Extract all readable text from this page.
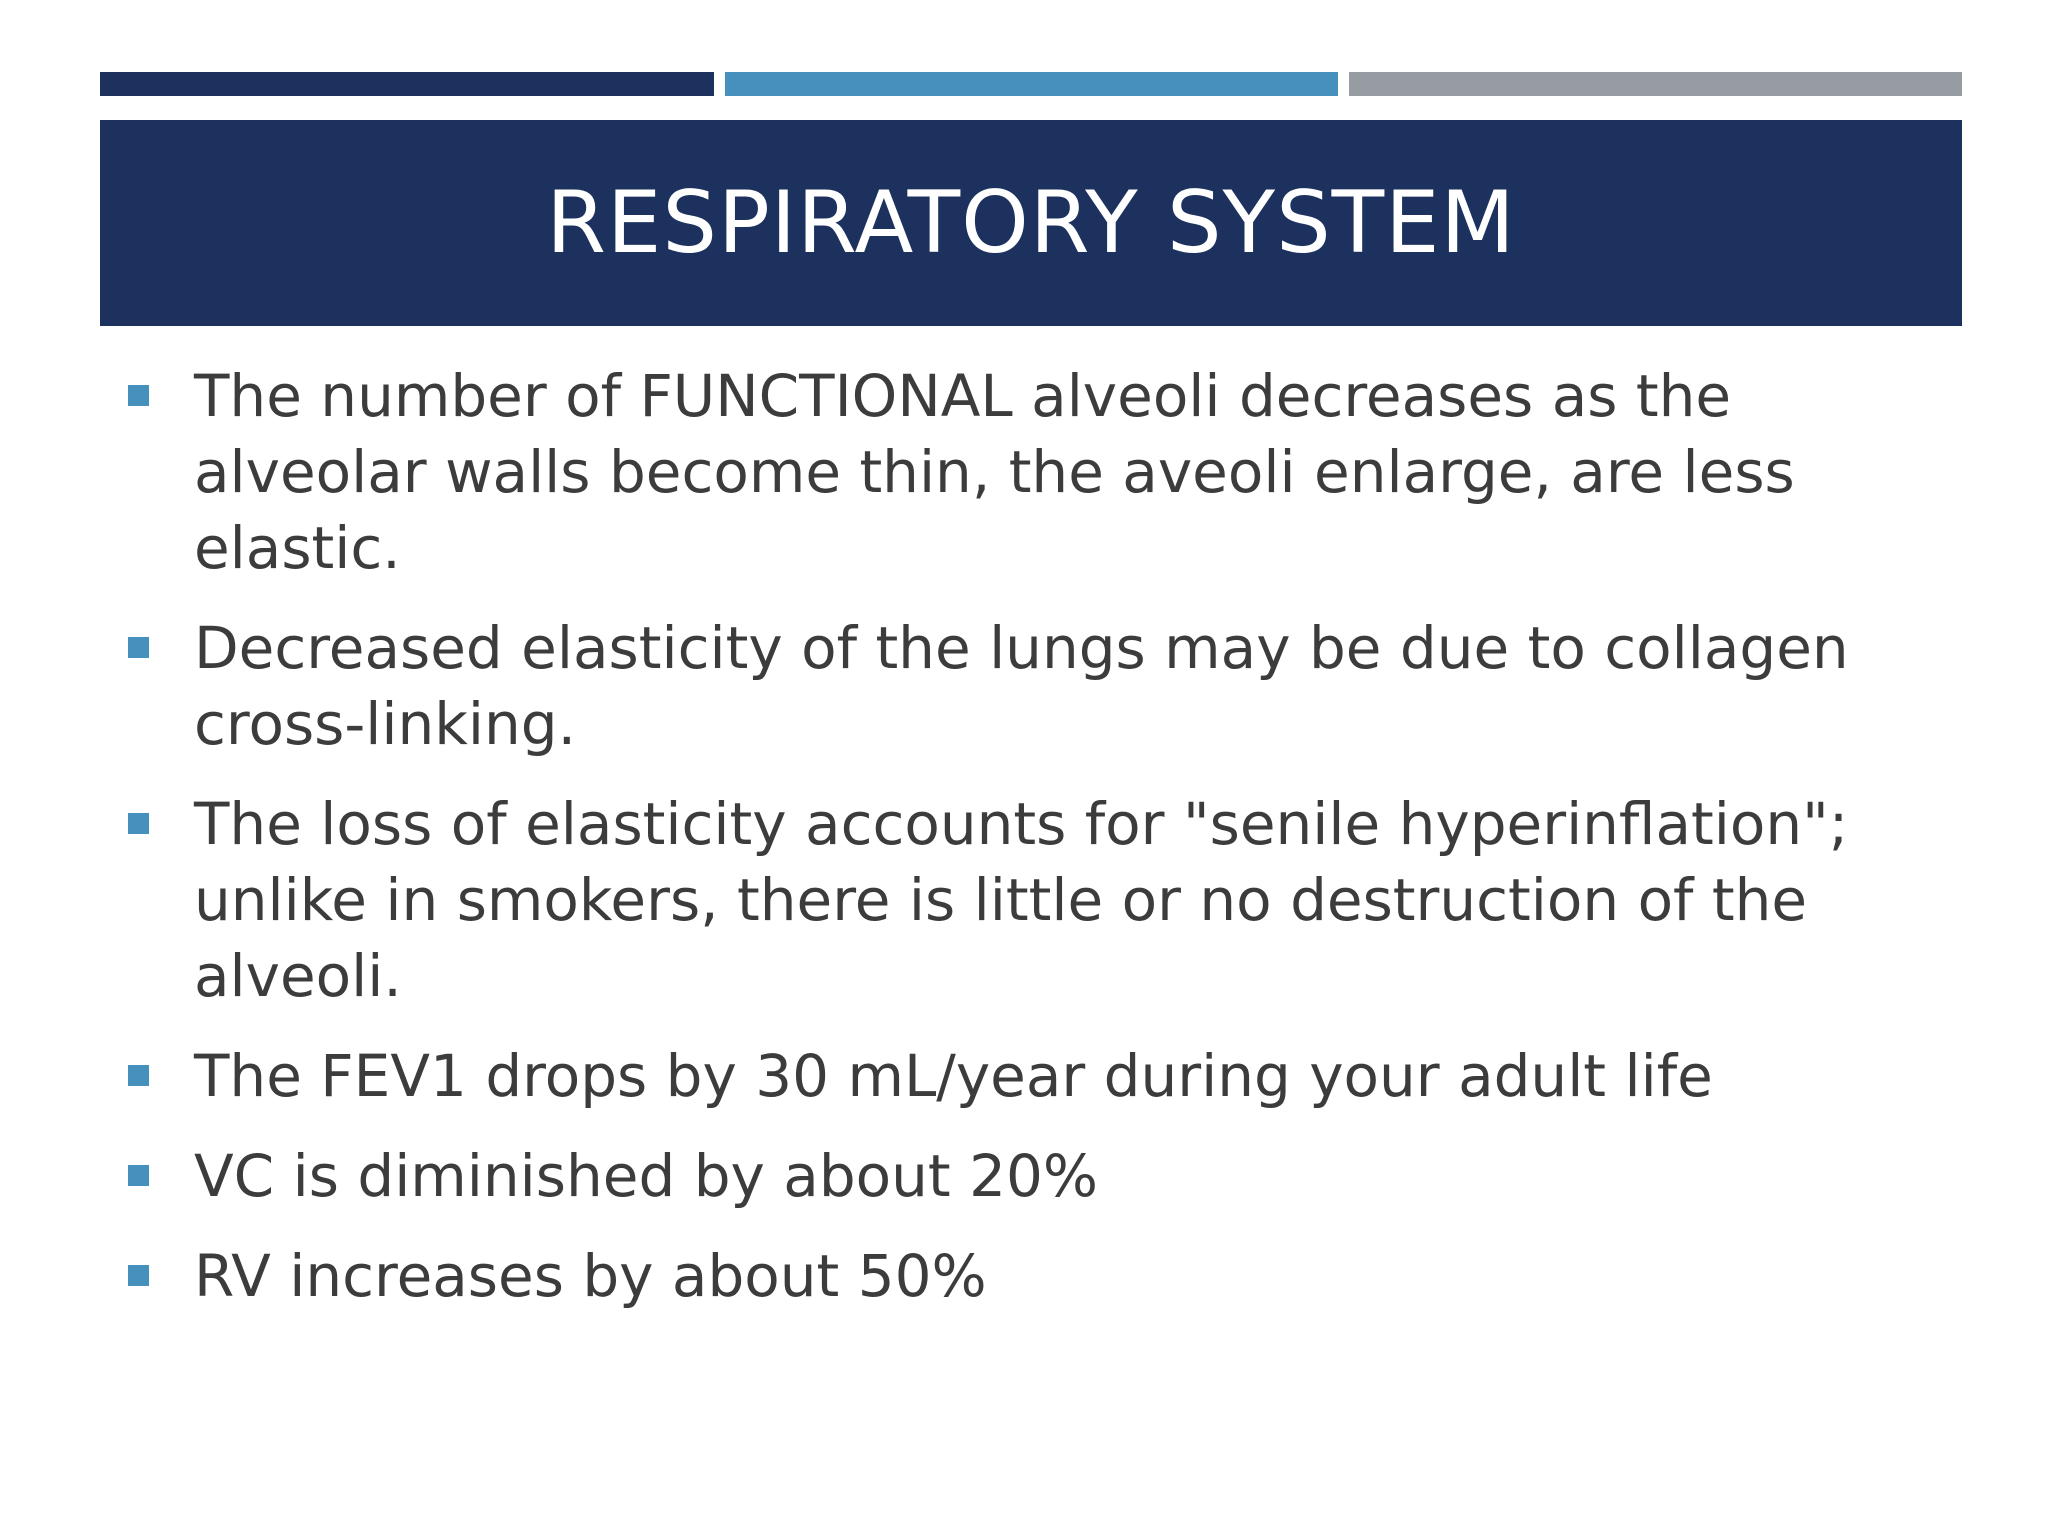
RESPIRATORY SYSTEM
The number of FUNCTIONAL alveoli decreases as the alveolar walls become thin, the aveoli enlarge, are less elastic.
Decreased elasticity of the lungs may be due to collagen cross-linking.
The loss of elasticity accounts for "senile hyperinflation"; unlike in smokers, there is little or no destruction of the alveoli.
The FEV1 drops by 30 mL/year during your adult life
VC is diminished by about 20%
RV increases by about 50%
